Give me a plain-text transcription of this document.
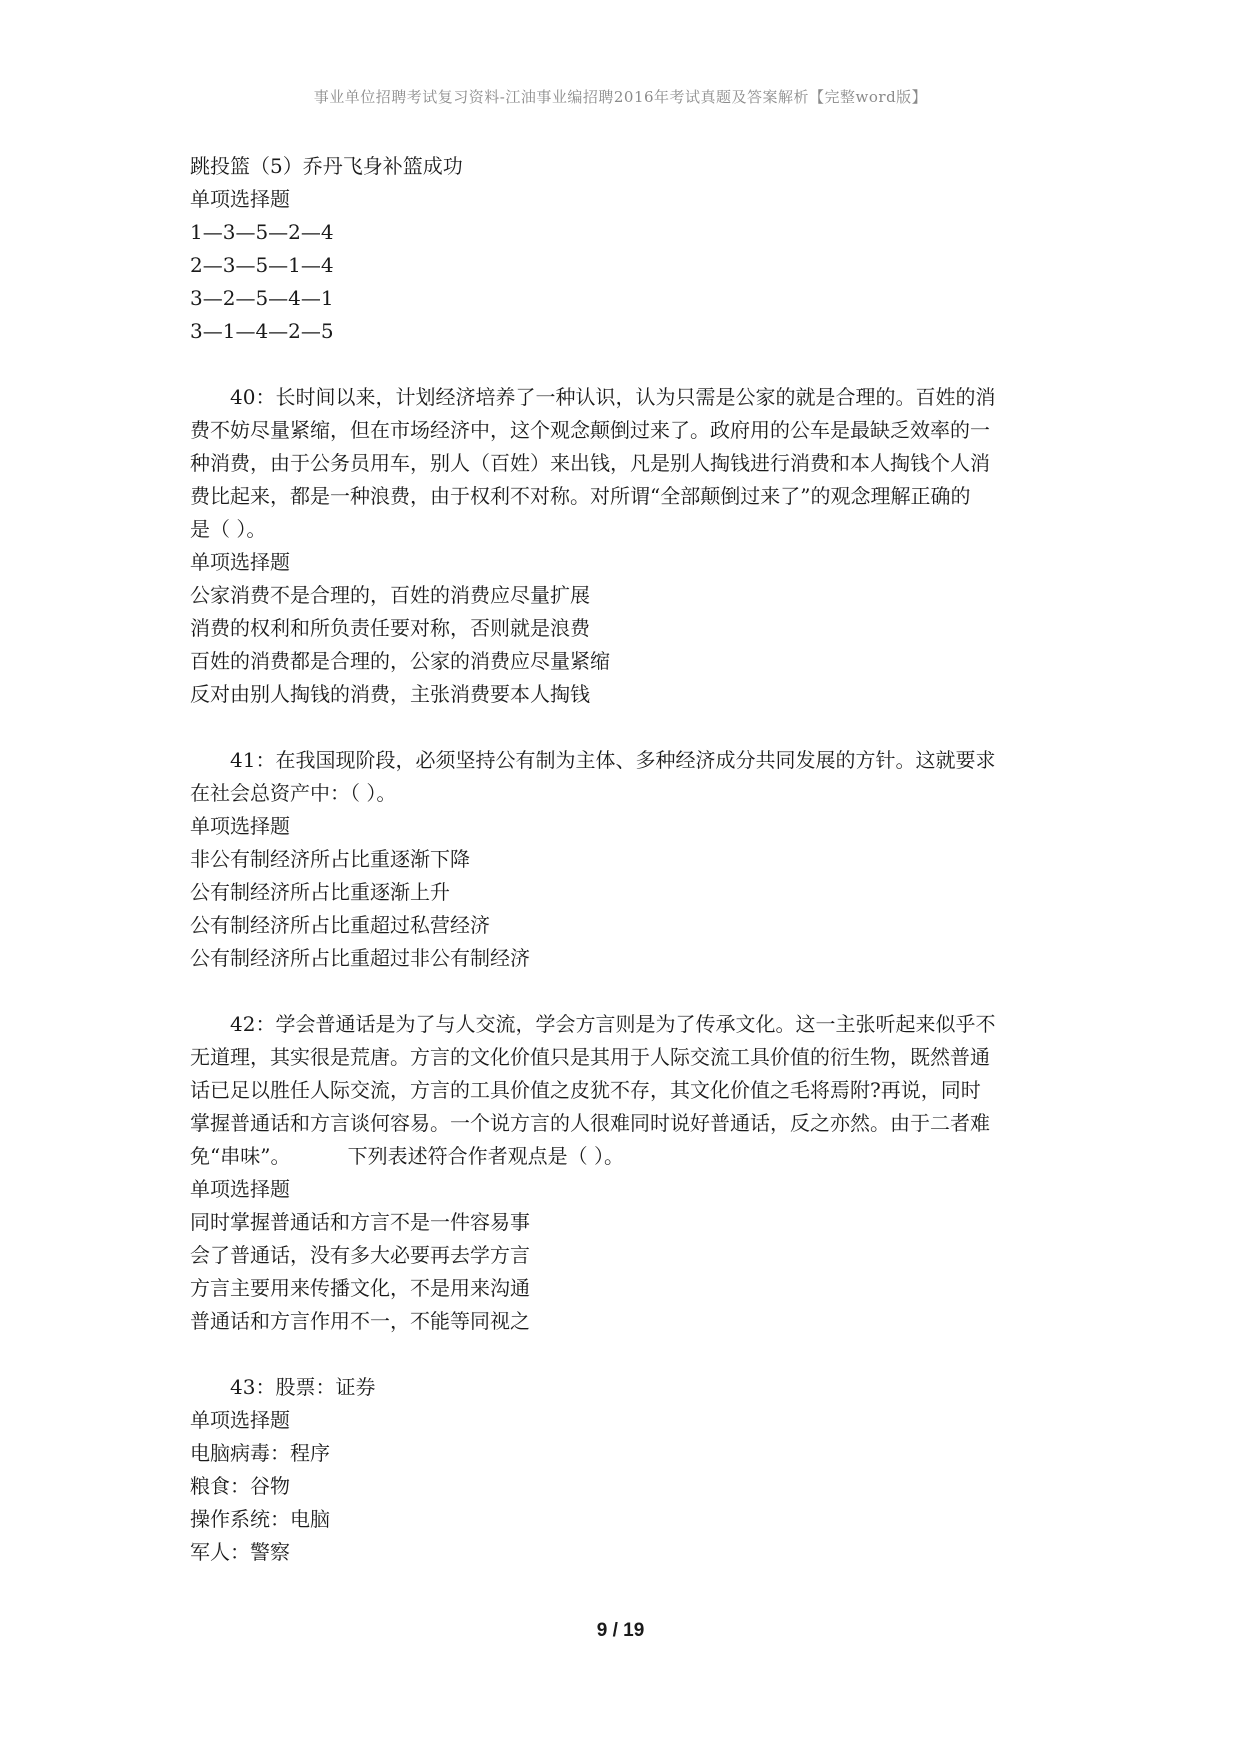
事业单位招聘考试复习资料-江油事业编招聘2016年考试真题及答案解析【完整word版】
跳投篮（5）乔丹飞身补篮成功
单项选择题
1—3—5—2—4
2—3—5—1—4
3—2—5—4—1
3—1—4—2—5
40：长时间以来，计划经济培养了一种认识，认为只需是公家的就是合理的。百姓的消
费不妨尽量紧缩，但在市场经济中，这个观念颠倒过来了。政府用的公车是最缺乏效率的一
种消费，由于公务员用车，别人（百姓）来出钱，凡是别人掏钱进行消费和本人掏钱个人消
费比起来，都是一种浪费，由于权利不对称。对所谓“全部颠倒过来了”的观念理解正确的
是（ ）。
单项选择题
公家消费不是合理的，百姓的消费应尽量扩展
消费的权利和所负责任要对称，否则就是浪费
百姓的消费都是合理的，公家的消费应尽量紧缩
反对由别人掏钱的消费，主张消费要本人掏钱
41：在我国现阶段，必须坚持公有制为主体、多种经济成分共同发展的方针。这就要求
在社会总资产中：（ ）。
单项选择题
非公有制经济所占比重逐渐下降
公有制经济所占比重逐渐上升
公有制经济所占比重超过私营经济
公有制经济所占比重超过非公有制经济
42：学会普通话是为了与人交流，学会方言则是为了传承文化。这一主张听起来似乎不
无道理，其实很是荒唐。方言的文化价值只是其用于人际交流工具价值的衍生物，既然普通
话已足以胜任人际交流，方言的工具价值之皮犹不存，其文化价值之毛将焉附?再说，同时
掌握普通话和方言谈何容易。一个说方言的人很难同时说好普通话，反之亦然。由于二者难
免“串味”。         下列表述符合作者观点是（ ）。
单项选择题
同时掌握普通话和方言不是一件容易事
会了普通话，没有多大必要再去学方言
方言主要用来传播文化，不是用来沟通
普通话和方言作用不一，不能等同视之
43：股票：证券
单项选择题
电脑病毒：程序
粮食：谷物
操作系统：电脑
军人：警察
9 / 19
